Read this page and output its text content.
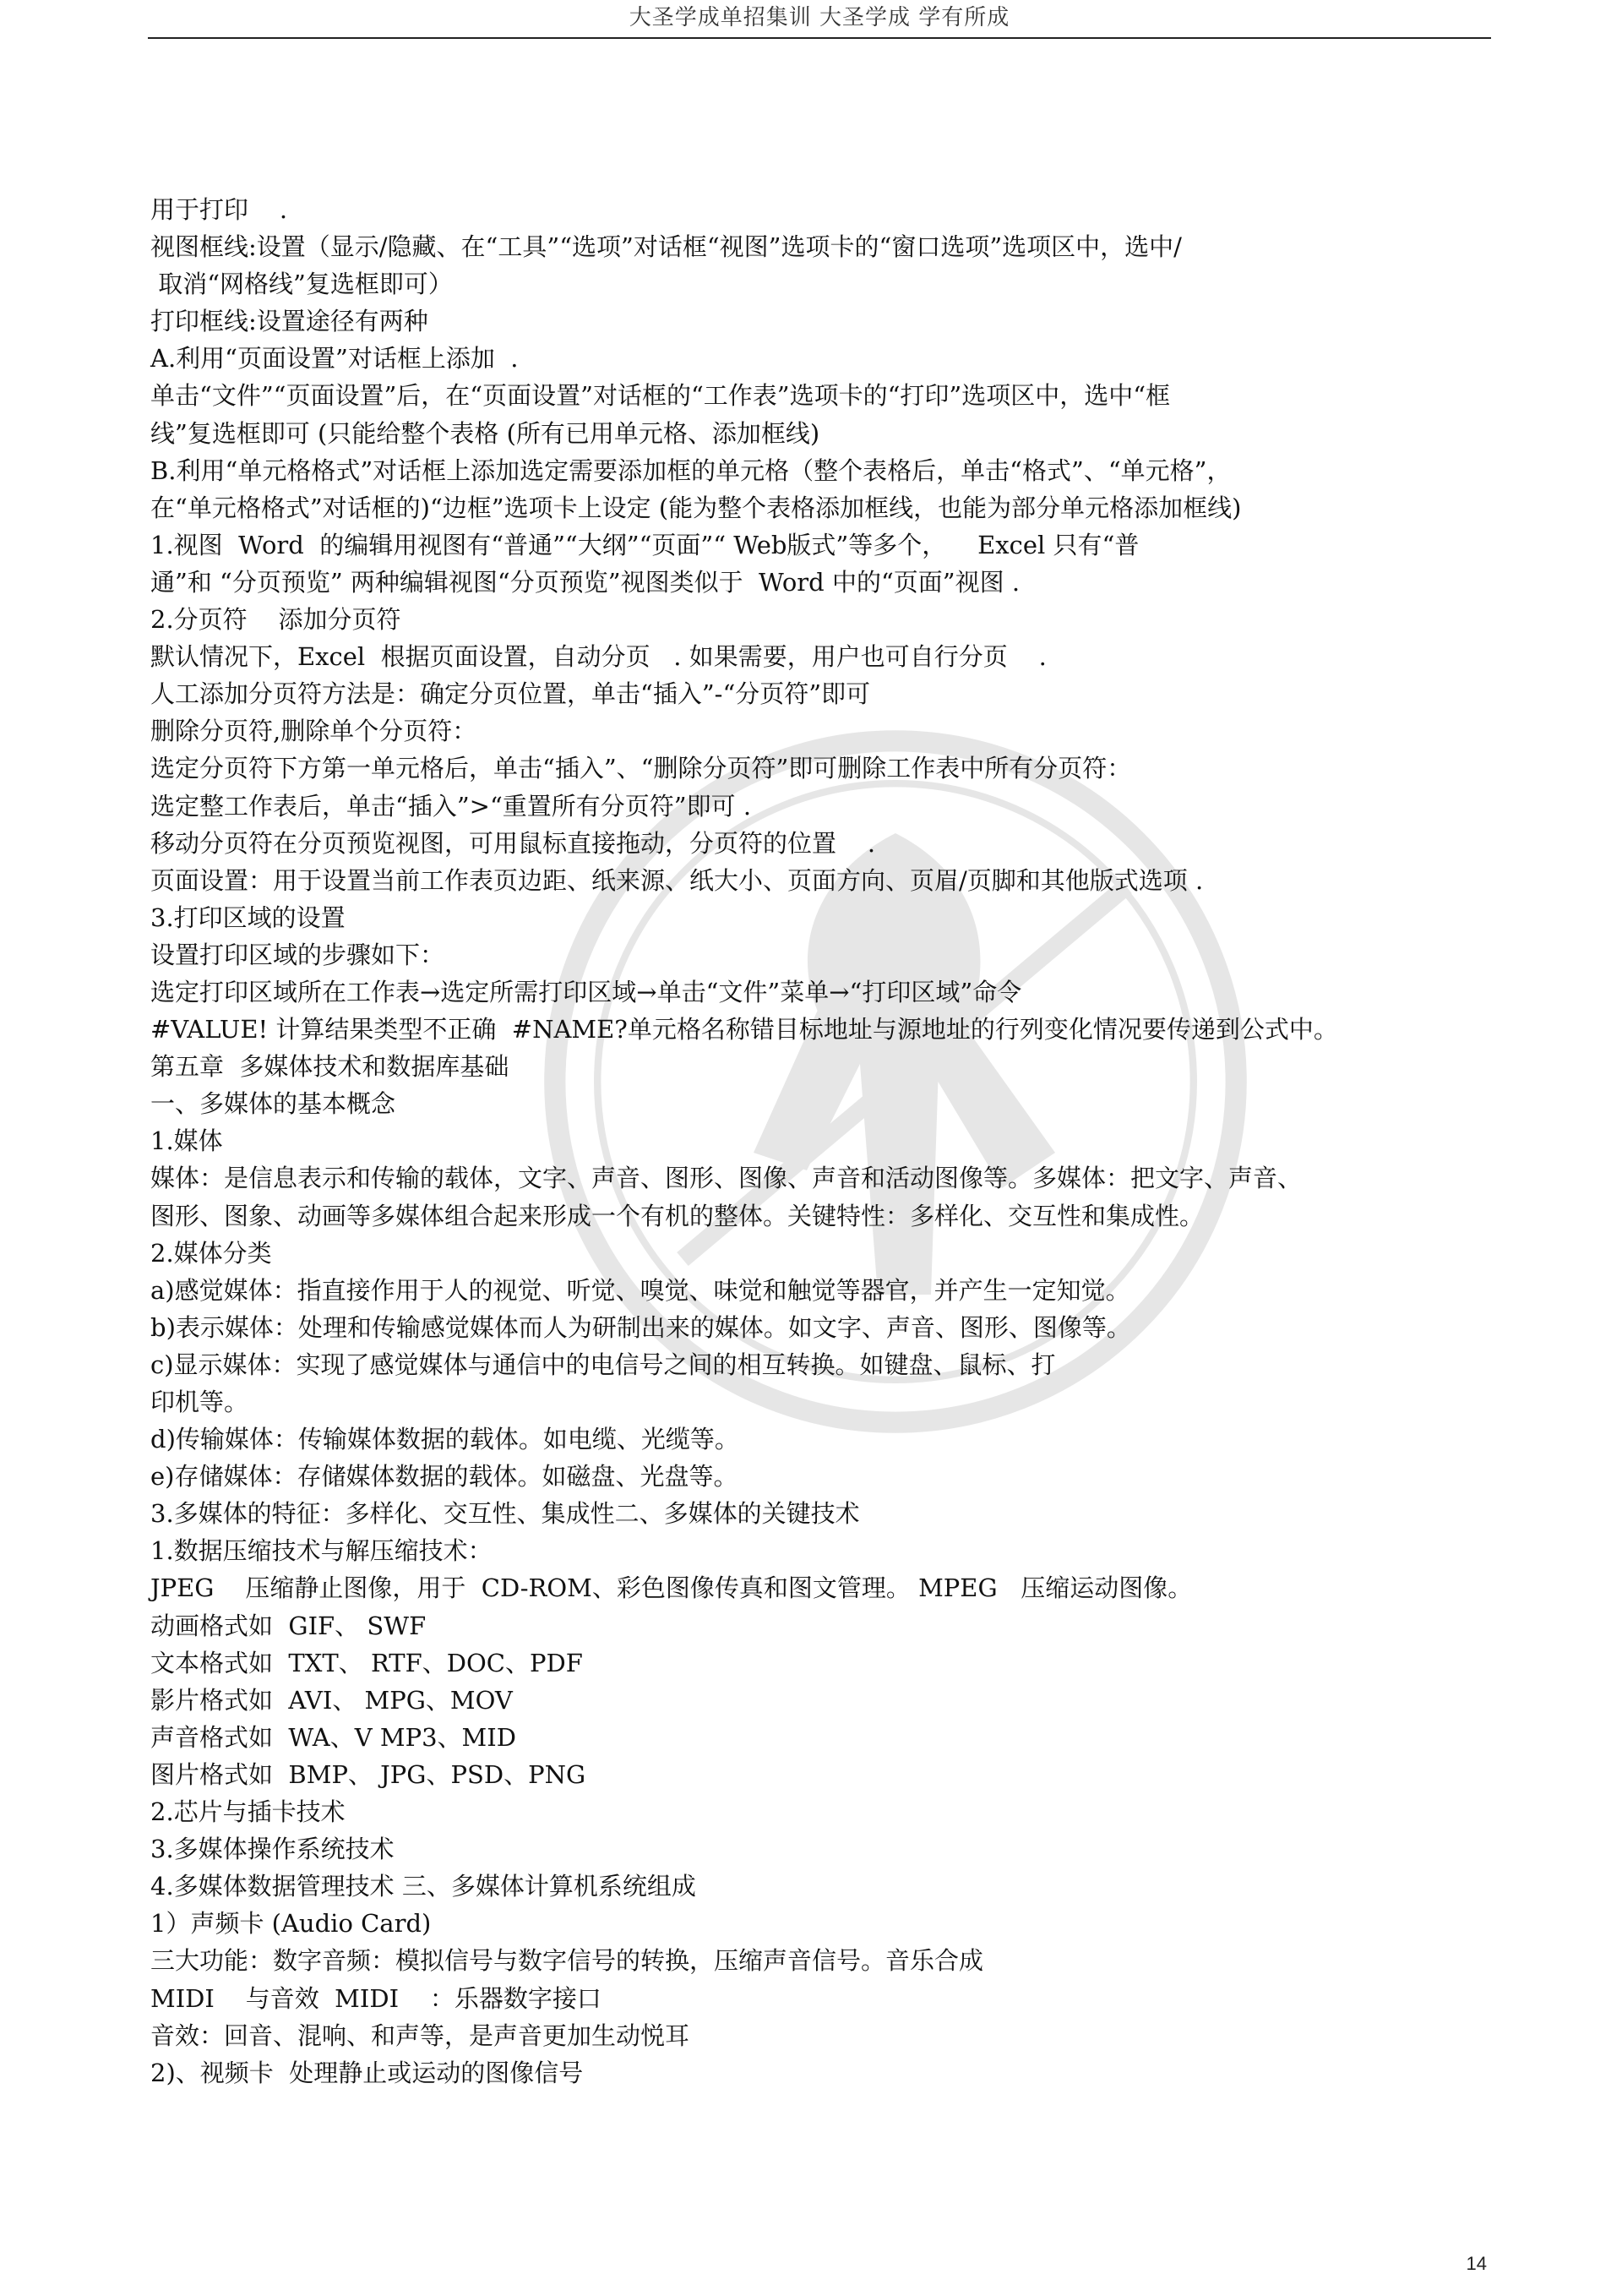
大圣学成单招集训 大圣学成 学有所成
用于打印    .
视图框线:设置（显示/隐藏、在“工具”“选项”对话框“视图”选项卡的“窗口选项”选项区中，选中/
取消“网格线”复选框即可）
打印框线:设置途径有两种
A.利用“页面设置”对话框上添加  .
单击“文件”“页面设置”后，在“页面设置”对话框的“工作表”选项卡的“打印”选项区中，选中“框
线”复选框即可 (只能给整个表格 (所有已用单元格、添加框线)
B.利用“单元格格式”对话框上添加选定需要添加框的单元格（整个表格后，单击“格式”、“单元格”，
在“单元格格式”对话框的)“边框”选项卡上设定 (能为整个表格添加框线，也能为部分单元格添加框线)
1.视图  Word  的编辑用视图有“普通”“大纲”“页面”“ Web版式”等多个，    Excel 只有“普
通”和 “分页预览” 两种编辑视图“分页预览”视图类似于  Word 中的“页面”视图 .
2.分页符    添加分页符
默认情况下，Excel  根据页面设置，自动分页   . 如果需要，用户也可自行分页    .
人工添加分页符方法是：确定分页位置，单击“插入”-“分页符”即可
删除分页符,删除单个分页符：
选定分页符下方第一单元格后，单击“插入”、“删除分页符”即可删除工作表中所有分页符：
选定整工作表后，单击“插入”>“重置所有分页符”即可 .
移动分页符在分页预览视图，可用鼠标直接拖动，分页符的位置    .
页面设置：用于设置当前工作表页边距、纸来源、纸大小、页面方向、页眉/页脚和其他版式选项 .
3.打印区域的设置
设置打印区域的步骤如下：
选定打印区域所在工作表→选定所需打印区域→单击“文件”菜单→“打印区域”命令
#VALUE! 计算结果类型不正确  #NAME?单元格名称错目标地址与源地址的行列变化情况要传递到公式中。
第五章  多媒体技术和数据库基础
一、多媒体的基本概念
1.媒体
媒体：是信息表示和传输的载体，文字、声音、图形、图像、声音和活动图像等。多媒体：把文字、声音、
图形、图象、动画等多媒体组合起来形成一个有机的整体。关键特性：多样化、交互性和集成性。
2.媒体分类
a)感觉媒体：指直接作用于人的视觉、听觉、嗅觉、味觉和触觉等器官，并产生一定知觉。
b)表示媒体：处理和传输感觉媒体而人为研制出来的媒体。如文字、声音、图形、图像等。
c)显示媒体：实现了感觉媒体与通信中的电信号之间的相互转换。如键盘、鼠标、打
印机等。
d)传输媒体：传输媒体数据的载体。如电缆、光缆等。
e)存储媒体：存储媒体数据的载体。如磁盘、光盘等。
3.多媒体的特征：多样化、交互性、集成性二、多媒体的关键技术
1.数据压缩技术与解压缩技术：
JPEG    压缩静止图像，用于  CD-ROM、彩色图像传真和图文管理。 MPEG   压缩运动图像。
动画格式如  GIF、 SWF
文本格式如  TXT、 RTF、DOC、PDF
影片格式如  AVI、 MPG、MOV
声音格式如  WA、V MP3、MID
图片格式如  BMP、 JPG、PSD、PNG
2.芯片与插卡技术
3.多媒体操作系统技术
4.多媒体数据管理技术 三、多媒体计算机系统组成
1）声频卡 (Audio Card)
三大功能：数字音频：模拟信号与数字信号的转换，压缩声音信号。音乐合成
MIDI    与音效  MIDI    ：乐器数字接口
音效：回音、混响、和声等，是声音更加生动悦耳
2)、视频卡  处理静止或运动的图像信号
14
